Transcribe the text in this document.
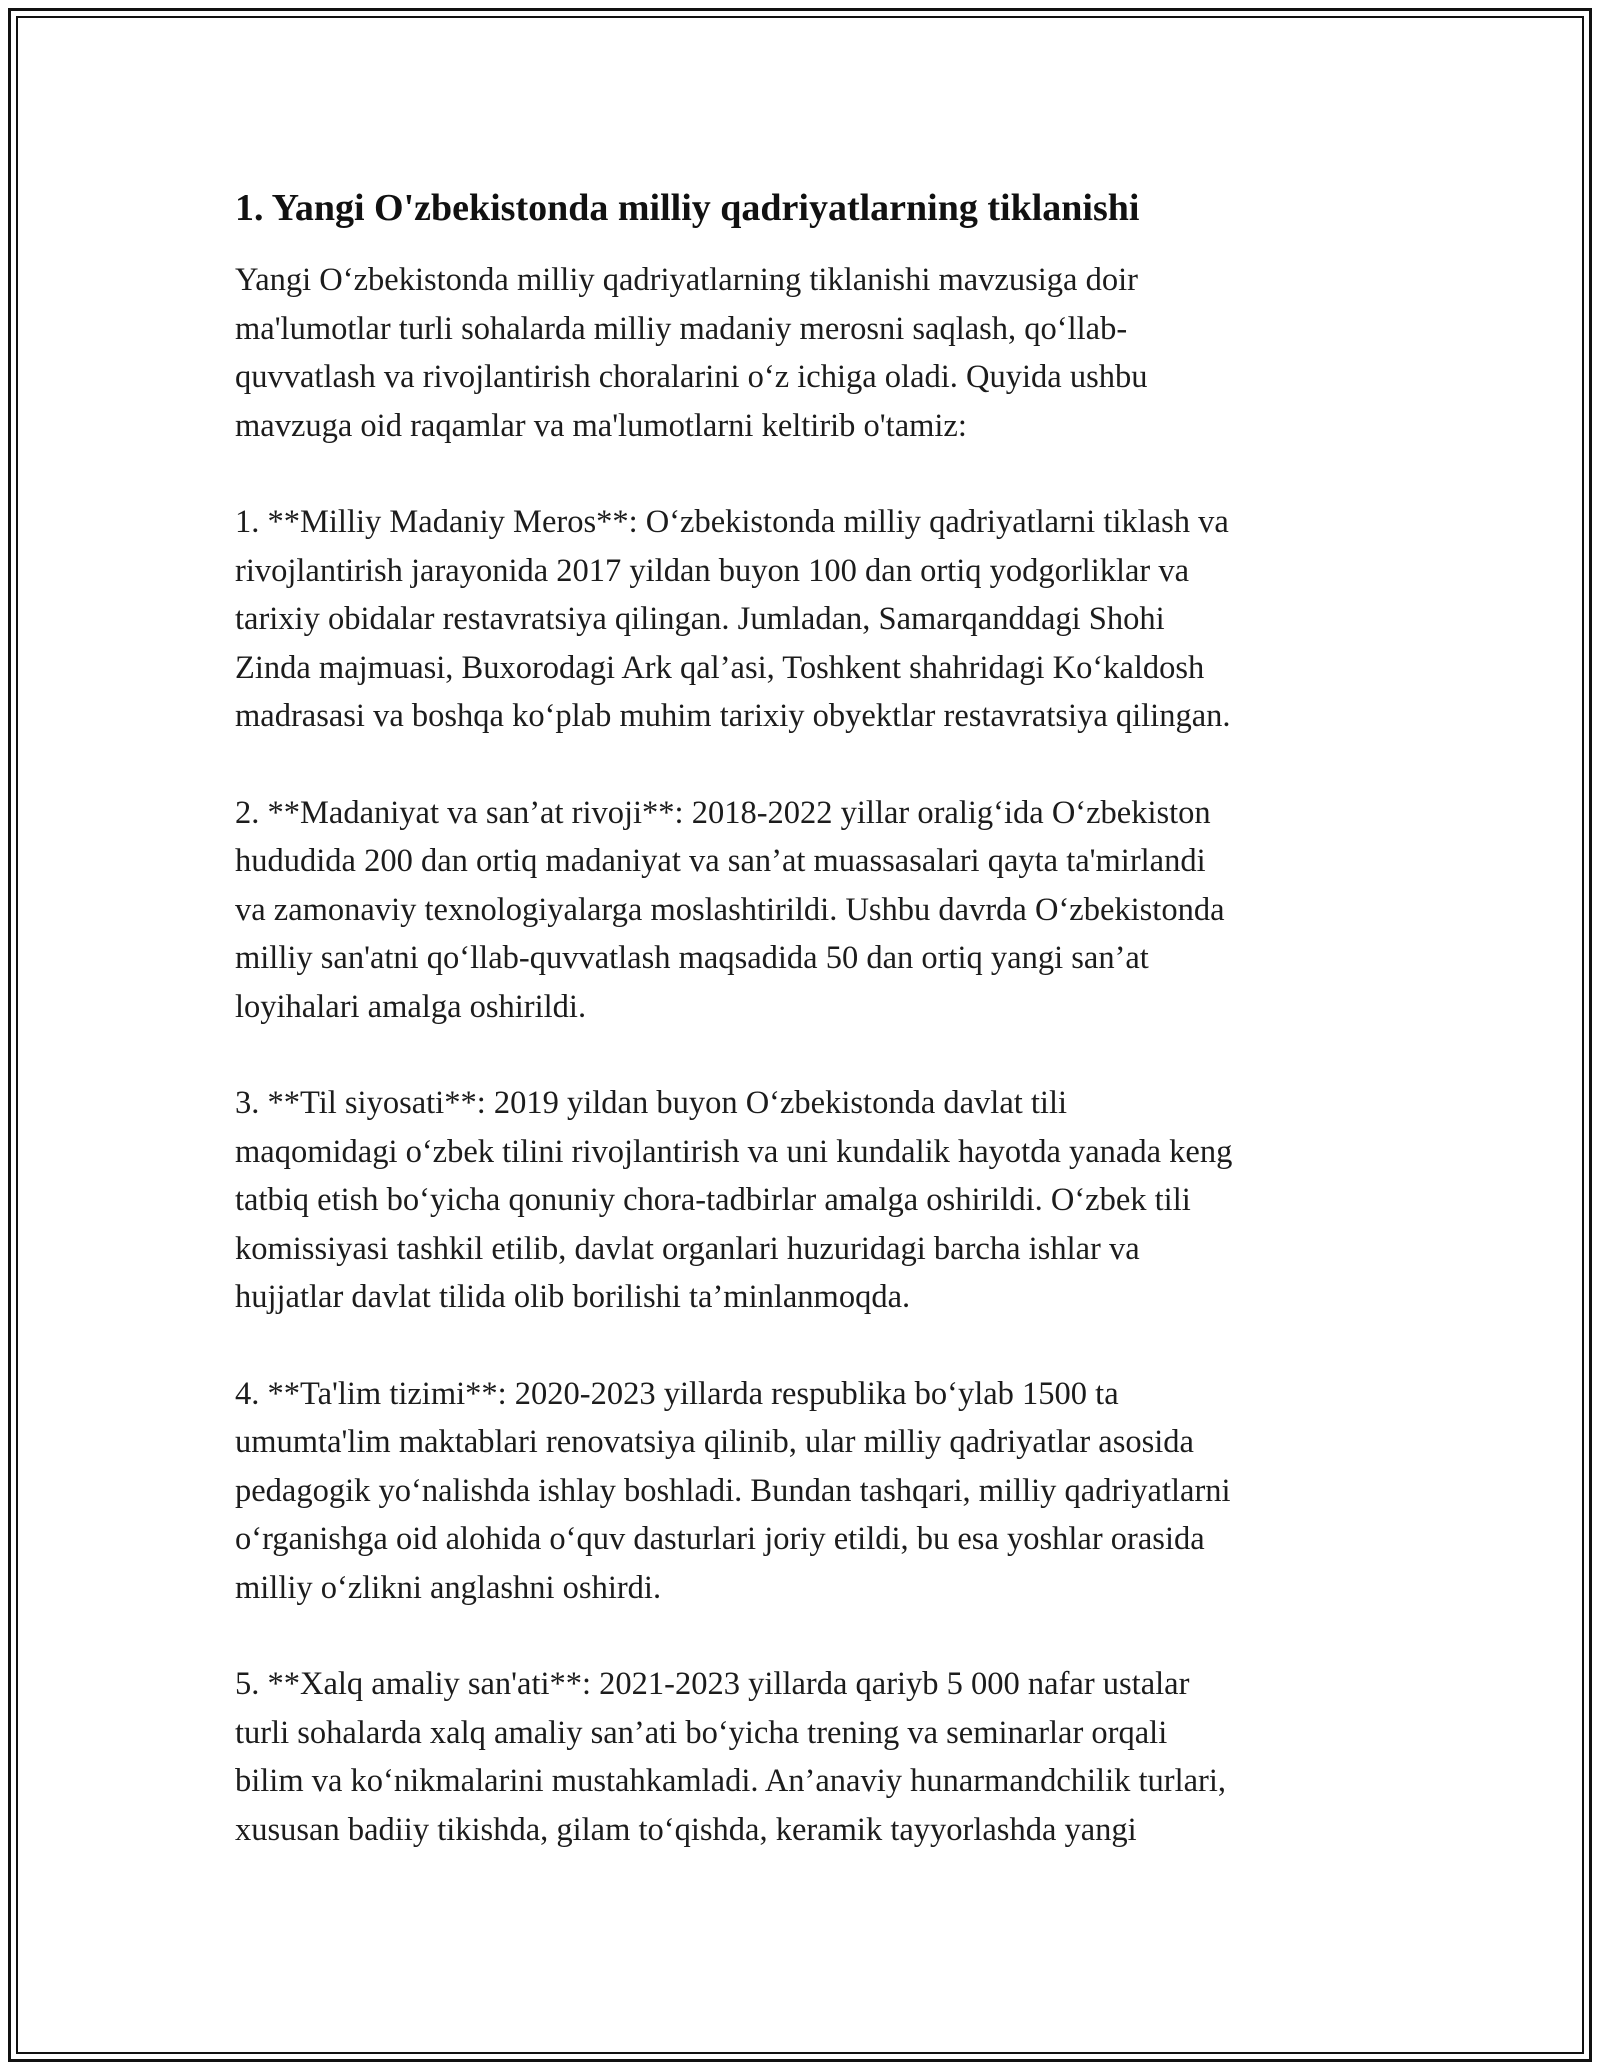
1. Yangi O'zbekistonda milliy qadriyatlarning tiklanishi

Yangi Oʻzbekistonda milliy qadriyatlarning tiklanishi mavzusiga doir
ma'lumotlar turli sohalarda milliy madaniy merosni saqlash, qoʻllab-
quvvatlash va rivojlantirish choralarini oʻz ichiga oladi. Quyida ushbu
mavzuga oid raqamlar va ma'lumotlarni keltirib o'tamiz:

1. **Milliy Madaniy Meros**: Oʻzbekistonda milliy qadriyatlarni tiklash va
rivojlantirish jarayonida 2017 yildan buyon 100 dan ortiq yodgorliklar va
tarixiy obidalar restavratsiya qilingan. Jumladan, Samarqanddagi Shohi
Zinda majmuasi, Buxorodagi Ark qal’asi, Toshkent shahridagi Koʻkaldosh
madrasasi va boshqa koʻplab muhim tarixiy obyektlar restavratsiya qilingan.

2. **Madaniyat va san’at rivoji**: 2018-2022 yillar oraligʻida Oʻzbekiston
hududida 200 dan ortiq madaniyat va san’at muassasalari qayta ta'mirlandi
va zamonaviy texnologiyalarga moslashtirildi. Ushbu davrda Oʻzbekistonda
milliy san'atni qoʻllab-quvvatlash maqsadida 50 dan ortiq yangi san’at
loyihalari amalga oshirildi.

3. **Til siyosati**: 2019 yildan buyon Oʻzbekistonda davlat tili
maqomidagi oʻzbek tilini rivojlantirish va uni kundalik hayotda yanada keng
tatbiq etish boʻyicha qonuniy chora-tadbirlar amalga oshirildi. Oʻzbek tili
komissiyasi tashkil etilib, davlat organlari huzuridagi barcha ishlar va
hujjatlar davlat tilida olib borilishi ta’minlanmoqda.

4. **Ta'lim tizimi**: 2020-2023 yillarda respublika boʻylab 1500 ta
umumta'lim maktablari renovatsiya qilinib, ular milliy qadriyatlar asosida
pedagogik yoʻnalishda ishlay boshladi. Bundan tashqari, milliy qadriyatlarni
oʻrganishga oid alohida oʻquv dasturlari joriy etildi, bu esa yoshlar orasida
milliy oʻzlikni anglashni oshirdi.

5. **Xalq amaliy san'ati**: 2021-2023 yillarda qariyb 5 000 nafar ustalar
turli sohalarda xalq amaliy san’ati boʻyicha trening va seminarlar orqali
bilim va koʻnikmalarini mustahkamladi. An’anaviy hunarmandchilik turlari,
xususan badiiy tikishda, gilam toʻqishda, keramik tayyorlashda yangi
